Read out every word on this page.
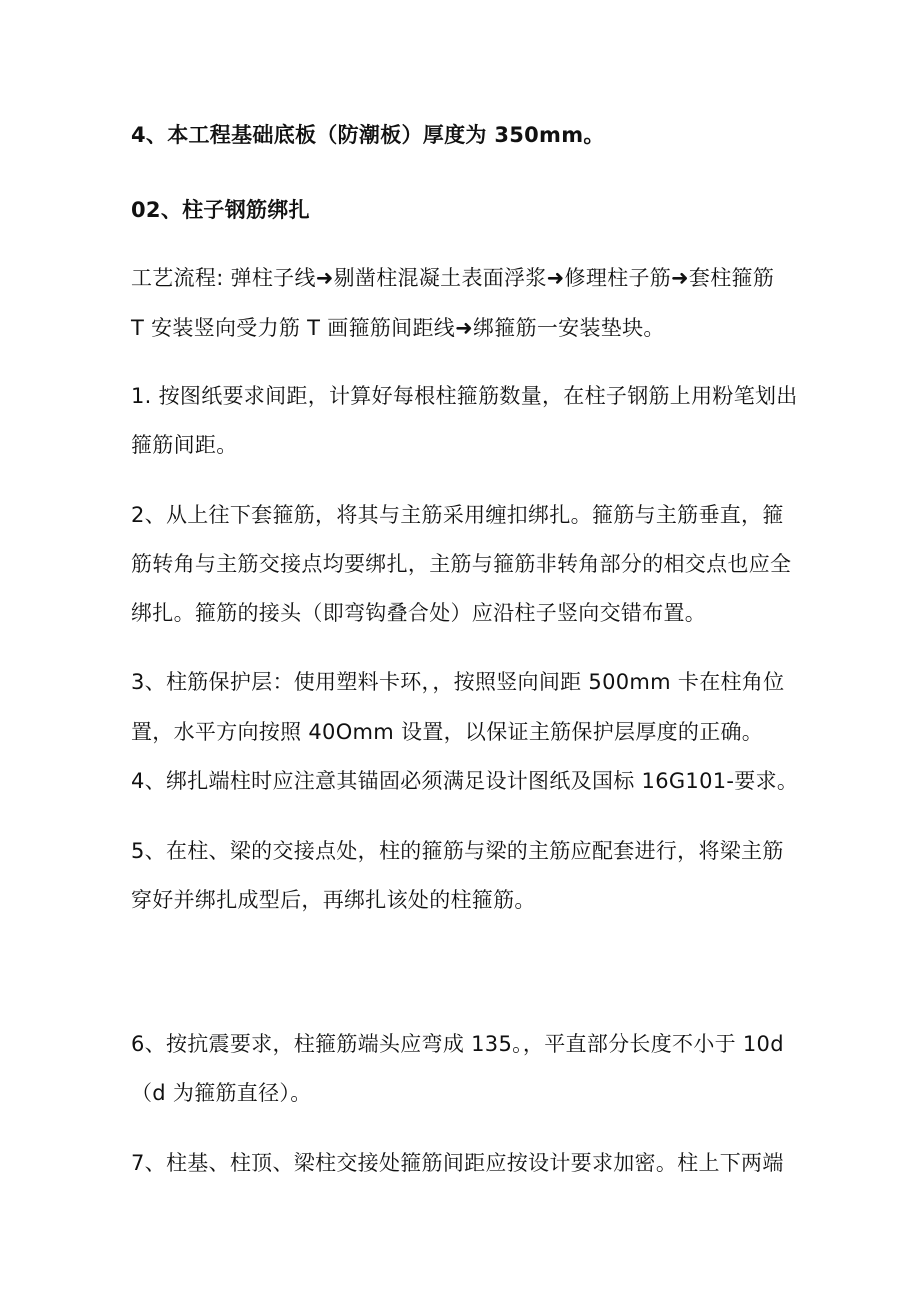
4、本工程基础底板（防潮板）厚度为 350mm。
02、柱子钢筋绑扎
工艺流程: 弹柱子线➜剔凿柱混凝土表面浮浆➜修理柱子筋➜套柱箍筋
T 安装竖向受力筋 T 画箍筋间距线➜绑箍筋一安装垫块。
1. 按图纸要求间距，计算好每根柱箍筋数量，在柱子钢筋上用粉笔划出
箍筋间距。
2、从上往下套箍筋，将其与主筋采用缠扣绑扎。箍筋与主筋垂直，箍
筋转角与主筋交接点均要绑扎，主筋与箍筋非转角部分的相交点也应全
绑扎。箍筋的接头（即弯钩叠合处）应沿柱子竖向交错布置。
3、柱筋保护层：使用塑料卡环，，按照竖向间距 500mm 卡在柱角位
置，水平方向按照 40Omm 设置，以保证主筋保护层厚度的正确。
4、绑扎端柱时应注意其锚固必须满足设计图纸及国标 16G101-要求。
5、在柱、梁的交接点处，柱的箍筋与梁的主筋应配套进行，将梁主筋
穿好并绑扎成型后，再绑扎该处的柱箍筋。
6、按抗震要求，柱箍筋端头应弯成 135。，平直部分长度不小于 10d
（d 为箍筋直径）。
7、柱基、柱顶、梁柱交接处箍筋间距应按设计要求加密。柱上下两端
